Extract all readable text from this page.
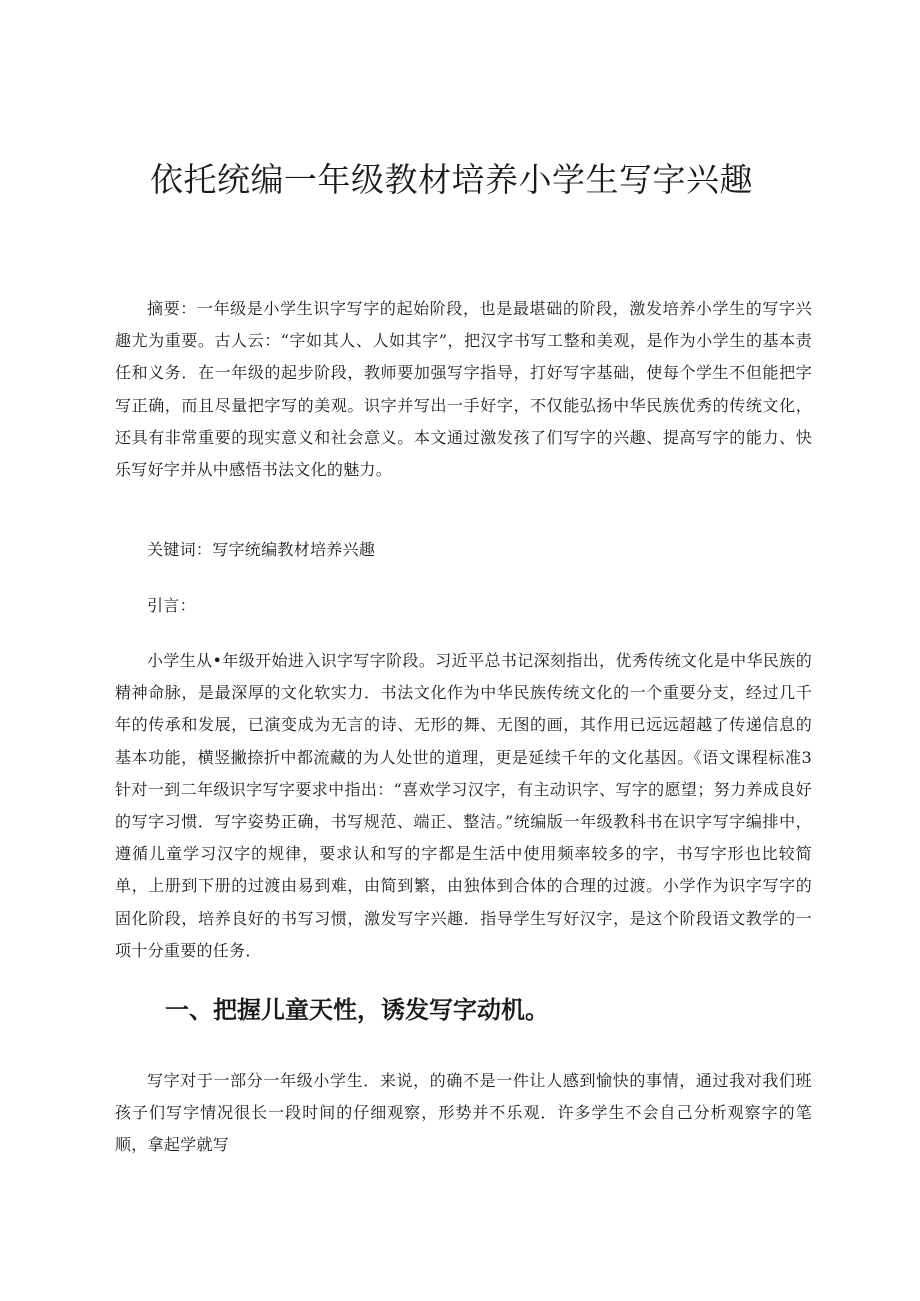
依托统编一年级教材培养小学生写字兴趣

摘要：一年级是小学生识字写字的起始阶段，也是最堪础的阶段，激发培养小学生的写字兴趣尤为重要。古人云：“字如其人、人如其字”，把汉字书写工整和美观，是作为小学生的基本责任和义务．在一年级的起步阶段，教师要加强写字指导，打好写字基础，使每个学生不但能把字写正确，而且尽量把字写的美观。识字并写出一手好字，不仅能弘扬中华民族优秀的传统文化，还具有非常重要的现实意义和社会意义。本文通过激发孩了们写字的兴趣、提高写字的能力、快乐写好字并从中感悟书法文化的魅力。

关键词：写字统编教材培养兴趣

引言：

小学生从•年级开始进入识字写字阶段。习近平总书记深刻指出，优秀传统文化是中华民族的精神命脉，是最深厚的文化软实力．书法文化作为中华民族传统文化的一个重要分支，经过几千年的传承和发展，已演变成为无言的诗、无形的舞、无图的画，其作用已远远超越了传递信息的基本功能，横竖撇捺折中都流藏的为人处世的道理，更是延续千年的文化基因。《语文课程标准3针对一到二年级识字写字要求中指出：“喜欢学习汉字，有主动识字、写字的愿望；努力养成良好的写字习惯．写字姿势正确，书写规范、端正、整洁。”统编版一年级教科书在识字写字编排中，遵循儿童学习汉字的规律，要求认和写的字都是生活中使用频率较多的字，书写字形也比较简单，上册到下册的过渡由易到难，由简到繁，由独体到合体的合理的过渡。小学作为识字写字的固化阶段，培养良好的书写习惯，激发写字兴趣．指导学生写好汉字，是这个阶段语文教学的一项十分重要的任务．

一、把握儿童天性，诱发写字动机。

写字对于一部分一年级小学生．来说，的确不是一件让人感到愉快的事情，通过我对我们班孩子们写字情况很长一段时间的仔细观察，形势并不乐观．许多学生不会自己分析观察字的笔顺，拿起学就写
